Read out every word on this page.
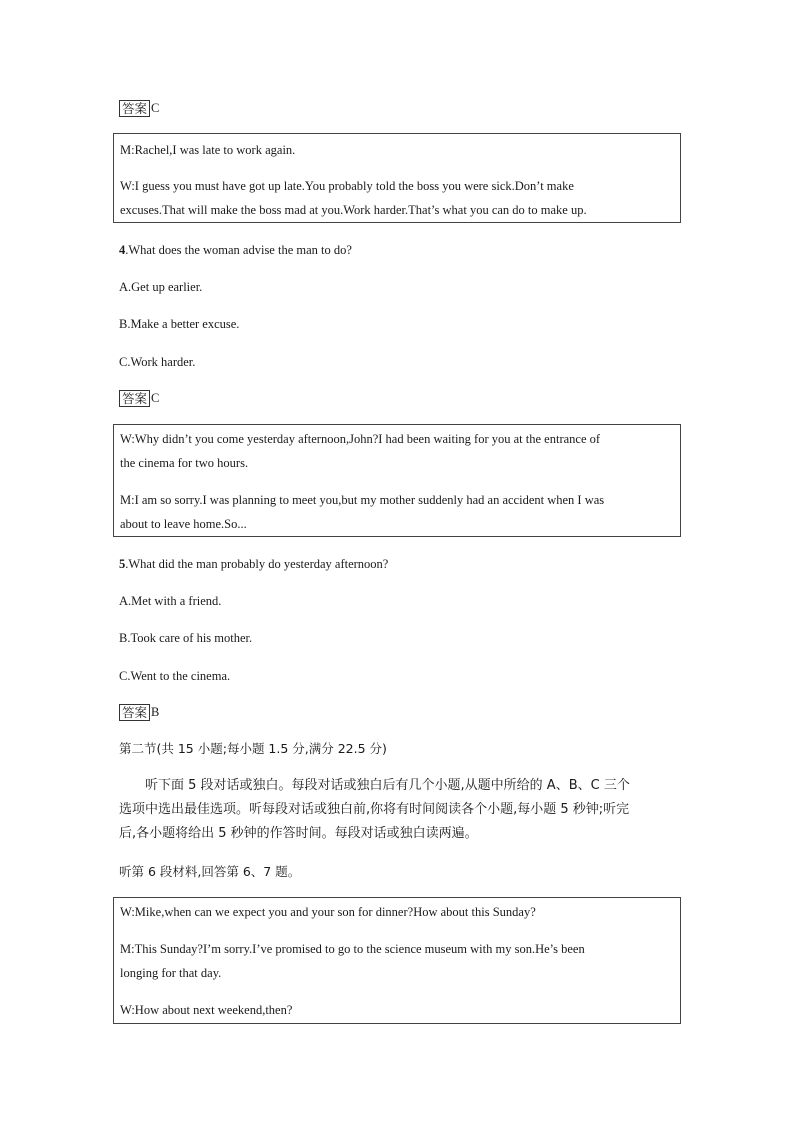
答案 C
M:Rachel,I was late to work again.
W:I guess you must have got up late.You probably told the boss you were sick.Don’t make
excuses.That will make the boss mad at you.Work harder.That’s what you can do to make up.
4.What does the woman advise the man to do?
A.Get up earlier.
B.Make a better excuse.
C.Work harder.
答案 C
W:Why didn’t you come yesterday afternoon,John?I had been waiting for you at the entrance of
the cinema for two hours.
M:I am so sorry.I was planning to meet you,but my mother suddenly had an accident when I was
about to leave home.So...
5.What did the man probably do yesterday afternoon?
A.Met with a friend.
B.Took care of his mother.
C.Went to the cinema.
答案 B
第二节(共 15 小题;每小题 1.5 分,满分 22.5 分)
听下面 5 段对话或独白。每段对话或独白后有几个小题,从题中所给的 A、B、C 三个
选项中选出最佳选项。听每段对话或独白前,你将有时间阅读各个小题,每小题 5 秒钟;听完
后,各小题将给出 5 秒钟的作答时间。每段对话或独白读两遍。
听第 6 段材料,回答第 6、7 题。
W:Mike,when can we expect you and your son for dinner?How about this Sunday?
M:This Sunday?I’m sorry.I’ve promised to go to the science museum with my son.He’s been
longing for that day.
W:How about next weekend,then?
